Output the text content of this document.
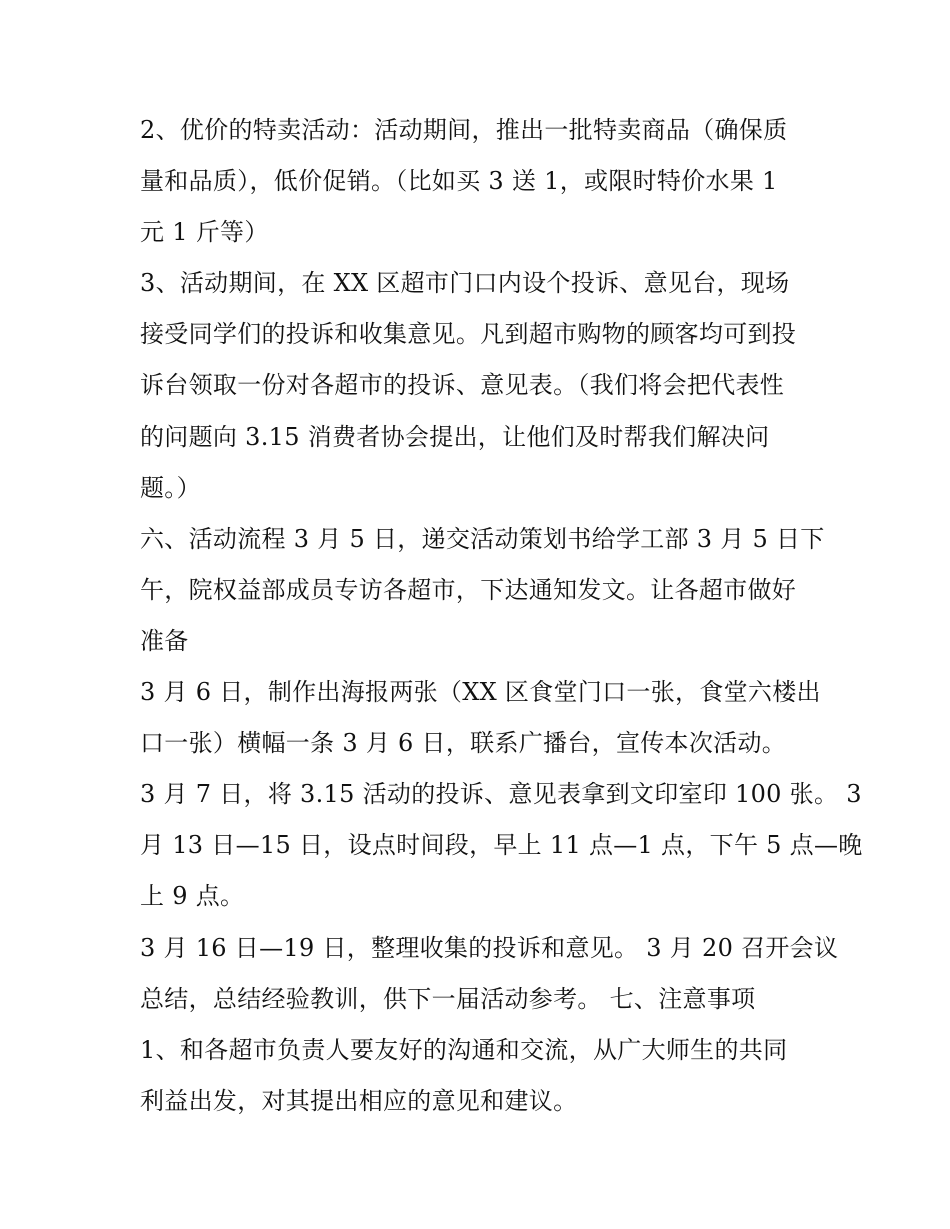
2、优价的特卖活动：活动期间，推出一批特卖商品（确保质
量和品质），低价促销。（比如买 3 送 1，或限时特价水果 1
元 1 斤等）
3、活动期间，在 XX 区超市门口内设个投诉、意见台，现场
接受同学们的投诉和收集意见。凡到超市购物的顾客均可到投
诉台领取一份对各超市的投诉、意见表。（我们将会把代表性
的问题向 3.15 消费者协会提出，让他们及时帮我们解决问
题。）
六、活动流程 3 月 5 日，递交活动策划书给学工部 3 月 5 日下
午，院权益部成员专访各超市，下达通知发文。让各超市做好
准备
3 月 6 日，制作出海报两张（XX 区食堂门口一张，食堂六楼出
口一张）横幅一条 3 月 6 日，联系广播台，宣传本次活动。
3 月 7 日，将 3.15 活动的投诉、意见表拿到文印室印 100 张。 3
月 13 日—15 日，设点时间段，早上 11 点—1 点，下午 5 点—晚
上 9 点。
3 月 16 日—19 日，整理收集的投诉和意见。 3 月 20 召开会议
总结，总结经验教训，供下一届活动参考。 七、注意事项
1、和各超市负责人要友好的沟通和交流，从广大师生的共同
利益出发，对其提出相应的意见和建议。
